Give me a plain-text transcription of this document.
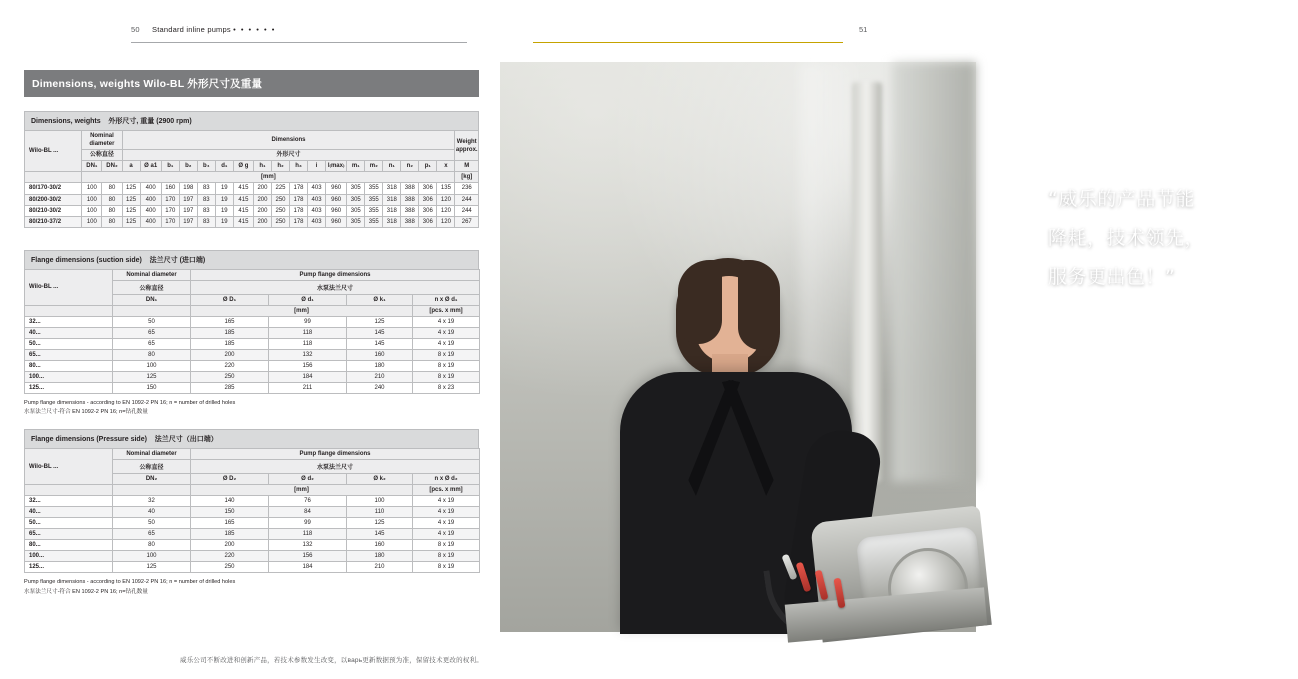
50 Standard inline pumps • • • • • •	51
Dimensions, weights Wilo-BL 外形尺寸及重量
Dimensions, weights 外形尺寸, 重量 (2900 rpm)
Wilo-BL ...	Nominal diameter		Dimensions																		Weight approx.
	公称直径		外形尺寸																		
	DN₁	DN₂	a	Ø a1	b₁	b₂	b₄	d₁	Ø g	h₁	h₂	h₃	i	l₍max₎	m₁	m₂	n₁	n₂	p₁	x	M
	[mm]																				[kg]
80/170-30/2	100	80	125	400	160	198	83	19	415	200	225	178	403	960	305	355	318	388	306	135	236
80/200-30/2	100	80	125	400	170	197	83	19	415	200	250	178	403	960	305	355	318	388	306	120	244
80/210-30/2	100	80	125	400	170	197	83	19	415	200	250	178	403	960	305	355	318	388	306	120	244
80/210-37/2	100	80	125	400	170	197	83	19	415	200	250	178	403	960	305	355	318	388	306	120	267
Flange dimensions (suction side) 法兰尺寸 (进口端)
Wilo-BL ...	Nominal diameter	Pump flange dimensions			
	公称直径	水泵法兰尺寸			
	DN₁	Ø D₁	Ø d₁	Ø k₁	n x Ø d₁
		[mm]			[pcs. x mm]
32...	50	165	99	125	4 x 19
40...	65	185	118	145	4 x 19
50...	65	185	118	145	4 x 19
65...	80	200	132	160	8 x 19
80...	100	220	156	180	8 x 19
100...	125	250	184	210	8 x 19
125...	150	285	211	240	8 x 23
Pump flange dimensions - according to EN 1092-2 PN 16; n = number of drilled holes
水泵法兰尺寸-符合 EN 1092-2 PN 16; n=钻孔数量
Flange dimensions (Pressure side) 法兰尺寸（出口端）
Wilo-BL ...	Nominal diameter	Pump flange dimensions			
	公称直径	水泵法兰尺寸			
	DN₂	Ø D₂	Ø d₂	Ø k₂	n x Ø d₂
		[mm]			[pcs. x mm]
32...	32	140	76	100	4 x 19
40...	40	150	84	110	4 x 19
50...	50	165	99	125	4 x 19
65...	65	185	118	145	4 x 19
80...	80	200	132	160	8 x 19
100...	100	220	156	180	8 x 19
125...	125	250	184	210	8 x 19
Pump flange dimensions - according to EN 1092-2 PN 16; n = number of drilled holes
水泵法兰尺寸-符合 EN 1092-2 PN 16; n=钻孔数量
“威乐的产品节能
降耗，技术领先，
服务更出色！”
威乐公司不断改进和创新产品，若技术参数发生改变，以варь更新数据预为准，保留技术更改的权利。
